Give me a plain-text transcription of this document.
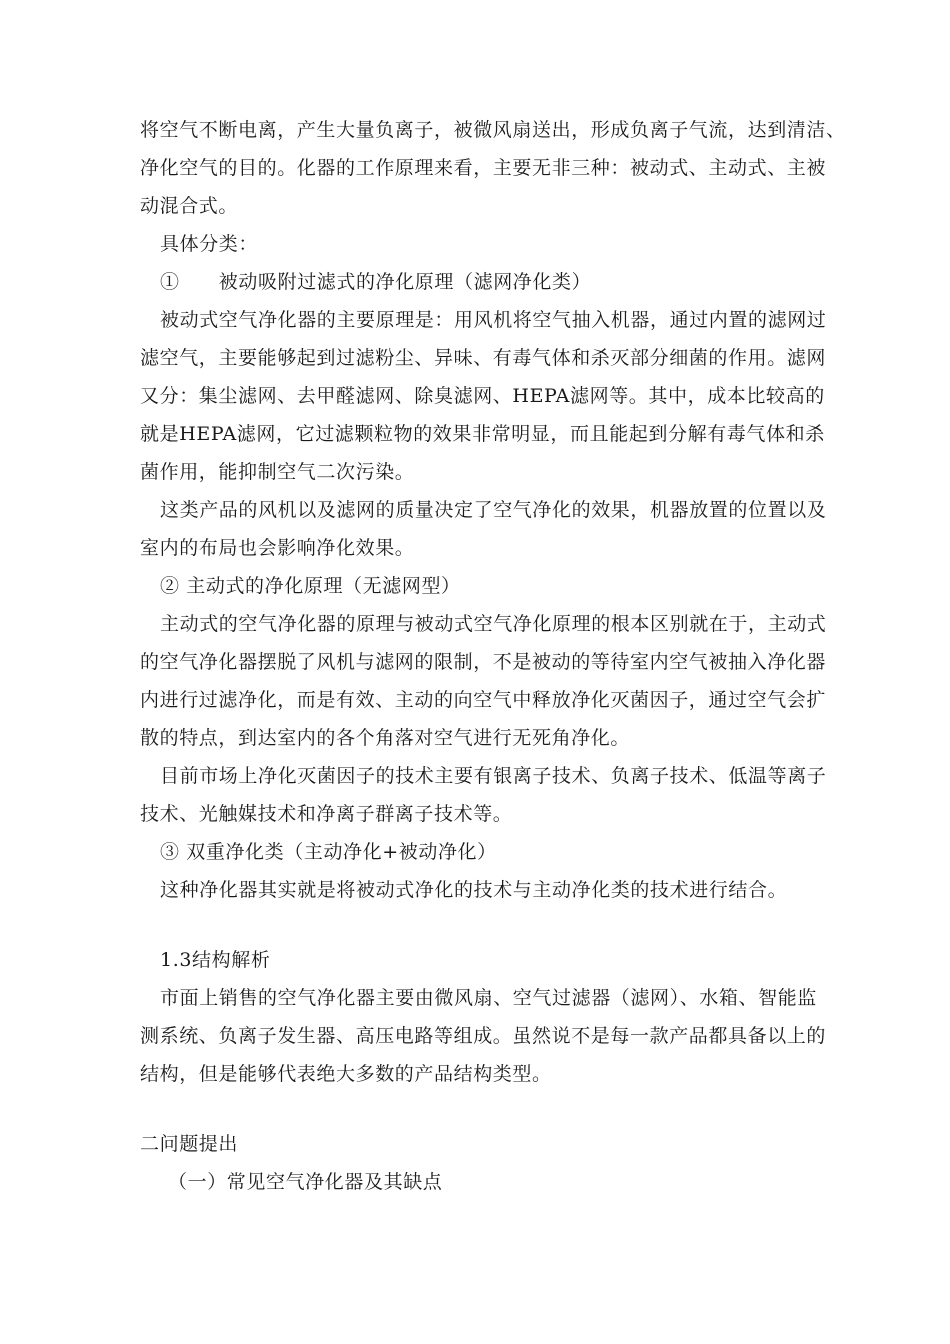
将空气不断电离，产生大量负离子，被微风扇送出，形成负离子气流，达到清洁、
净化空气的目的。化器的工作原理来看，主要无非三种：被动式、主动式、主被
动混合式。
具体分类：
①　　被动吸附过滤式的净化原理（滤网净化类）
被动式空气净化器的主要原理是：用风机将空气抽入机器，通过内置的滤网过
滤空气，主要能够起到过滤粉尘、异味、有毒气体和杀灭部分细菌的作用。滤网
又分：集尘滤网、去甲醛滤网、除臭滤网、HEPA滤网等。其中，成本比较高的
就是HEPA滤网，它过滤颗粒物的效果非常明显，而且能起到分解有毒气体和杀
菌作用，能抑制空气二次污染。
这类产品的风机以及滤网的质量决定了空气净化的效果，机器放置的位置以及
室内的布局也会影响净化效果。
② 主动式的净化原理（无滤网型）
主动式的空气净化器的原理与被动式空气净化原理的根本区别就在于，主动式
的空气净化器摆脱了风机与滤网的限制，不是被动的等待室内空气被抽入净化器
内进行过滤净化，而是有效、主动的向空气中释放净化灭菌因子，通过空气会扩
散的特点，到达室内的各个角落对空气进行无死角净化。
目前市场上净化灭菌因子的技术主要有银离子技术、负离子技术、低温等离子
技术、光触媒技术和净离子群离子技术等。
③ 双重净化类（主动净化+被动净化）
这种净化器其实就是将被动式净化的技术与主动净化类的技术进行结合。
1.3结构解析
市面上销售的空气净化器主要由微风扇、空气过滤器（滤网）、水箱、智能监
测系统、负离子发生器、高压电路等组成。虽然说不是每一款产品都具备以上的
结构，但是能够代表绝大多数的产品结构类型。
二问题提出
（一）常见空气净化器及其缺点
